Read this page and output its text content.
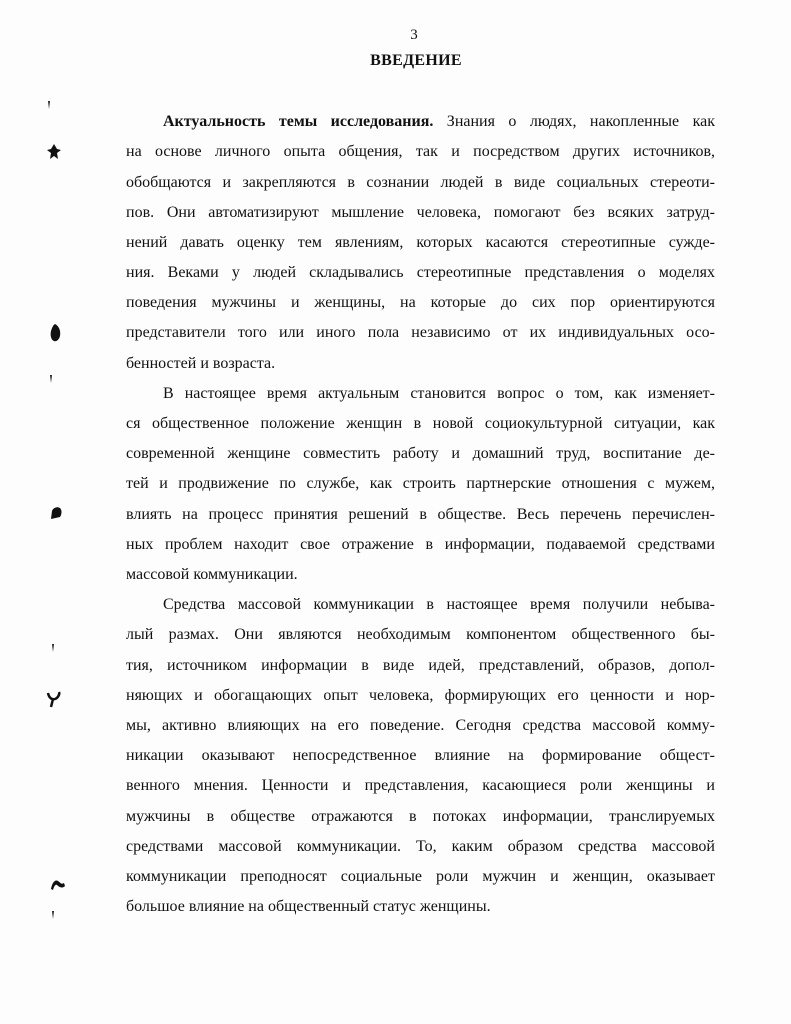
3
ВВЕДЕНИЕ
Актуальность темы исследования. Знания о людях, накопленные как
на основе личного опыта общения, так и посредством других источников,
обобщаются и закрепляются в сознании людей в виде социальных стереоти-
пов. Они автоматизируют мышление человека, помогают без всяких затруд-
нений давать оценку тем явлениям, которых касаются стереотипные сужде-
ния. Веками у людей складывались стереотипные представления о моделях
поведения мужчины и женщины, на которые до сих пор ориентируются
представители того или иного пола независимо от их индивидуальных осо-
бенностей и возраста.
В настоящее время актуальным становится вопрос о том, как изменяет-
ся общественное положение женщин в новой социокультурной ситуации, как
современной женщине совместить работу и домашний труд, воспитание де-
тей и продвижение по службе, как строить партнерские отношения с мужем,
влиять на процесс принятия решений в обществе. Весь перечень перечислен-
ных проблем находит свое отражение в информации, подаваемой средствами
массовой коммуникации.
Средства массовой коммуникации в настоящее время получили небыва-
лый размах. Они являются необходимым компонентом общественного бы-
тия, источником информации в виде идей, представлений, образов, допол-
няющих и обогащающих опыт человека, формирующих его ценности и нор-
мы, активно влияющих на его поведение. Сегодня средства массовой комму-
никации оказывают непосредственное влияние на формирование общест-
венного мнения. Ценности и представления, касающиеся роли женщины и
мужчины в обществе отражаются в потоках информации, транслируемых
средствами массовой коммуникации. То, каким образом средства массовой
коммуникации преподносят социальные роли мужчин и женщин, оказывает
большое влияние на общественный статус женщины.
